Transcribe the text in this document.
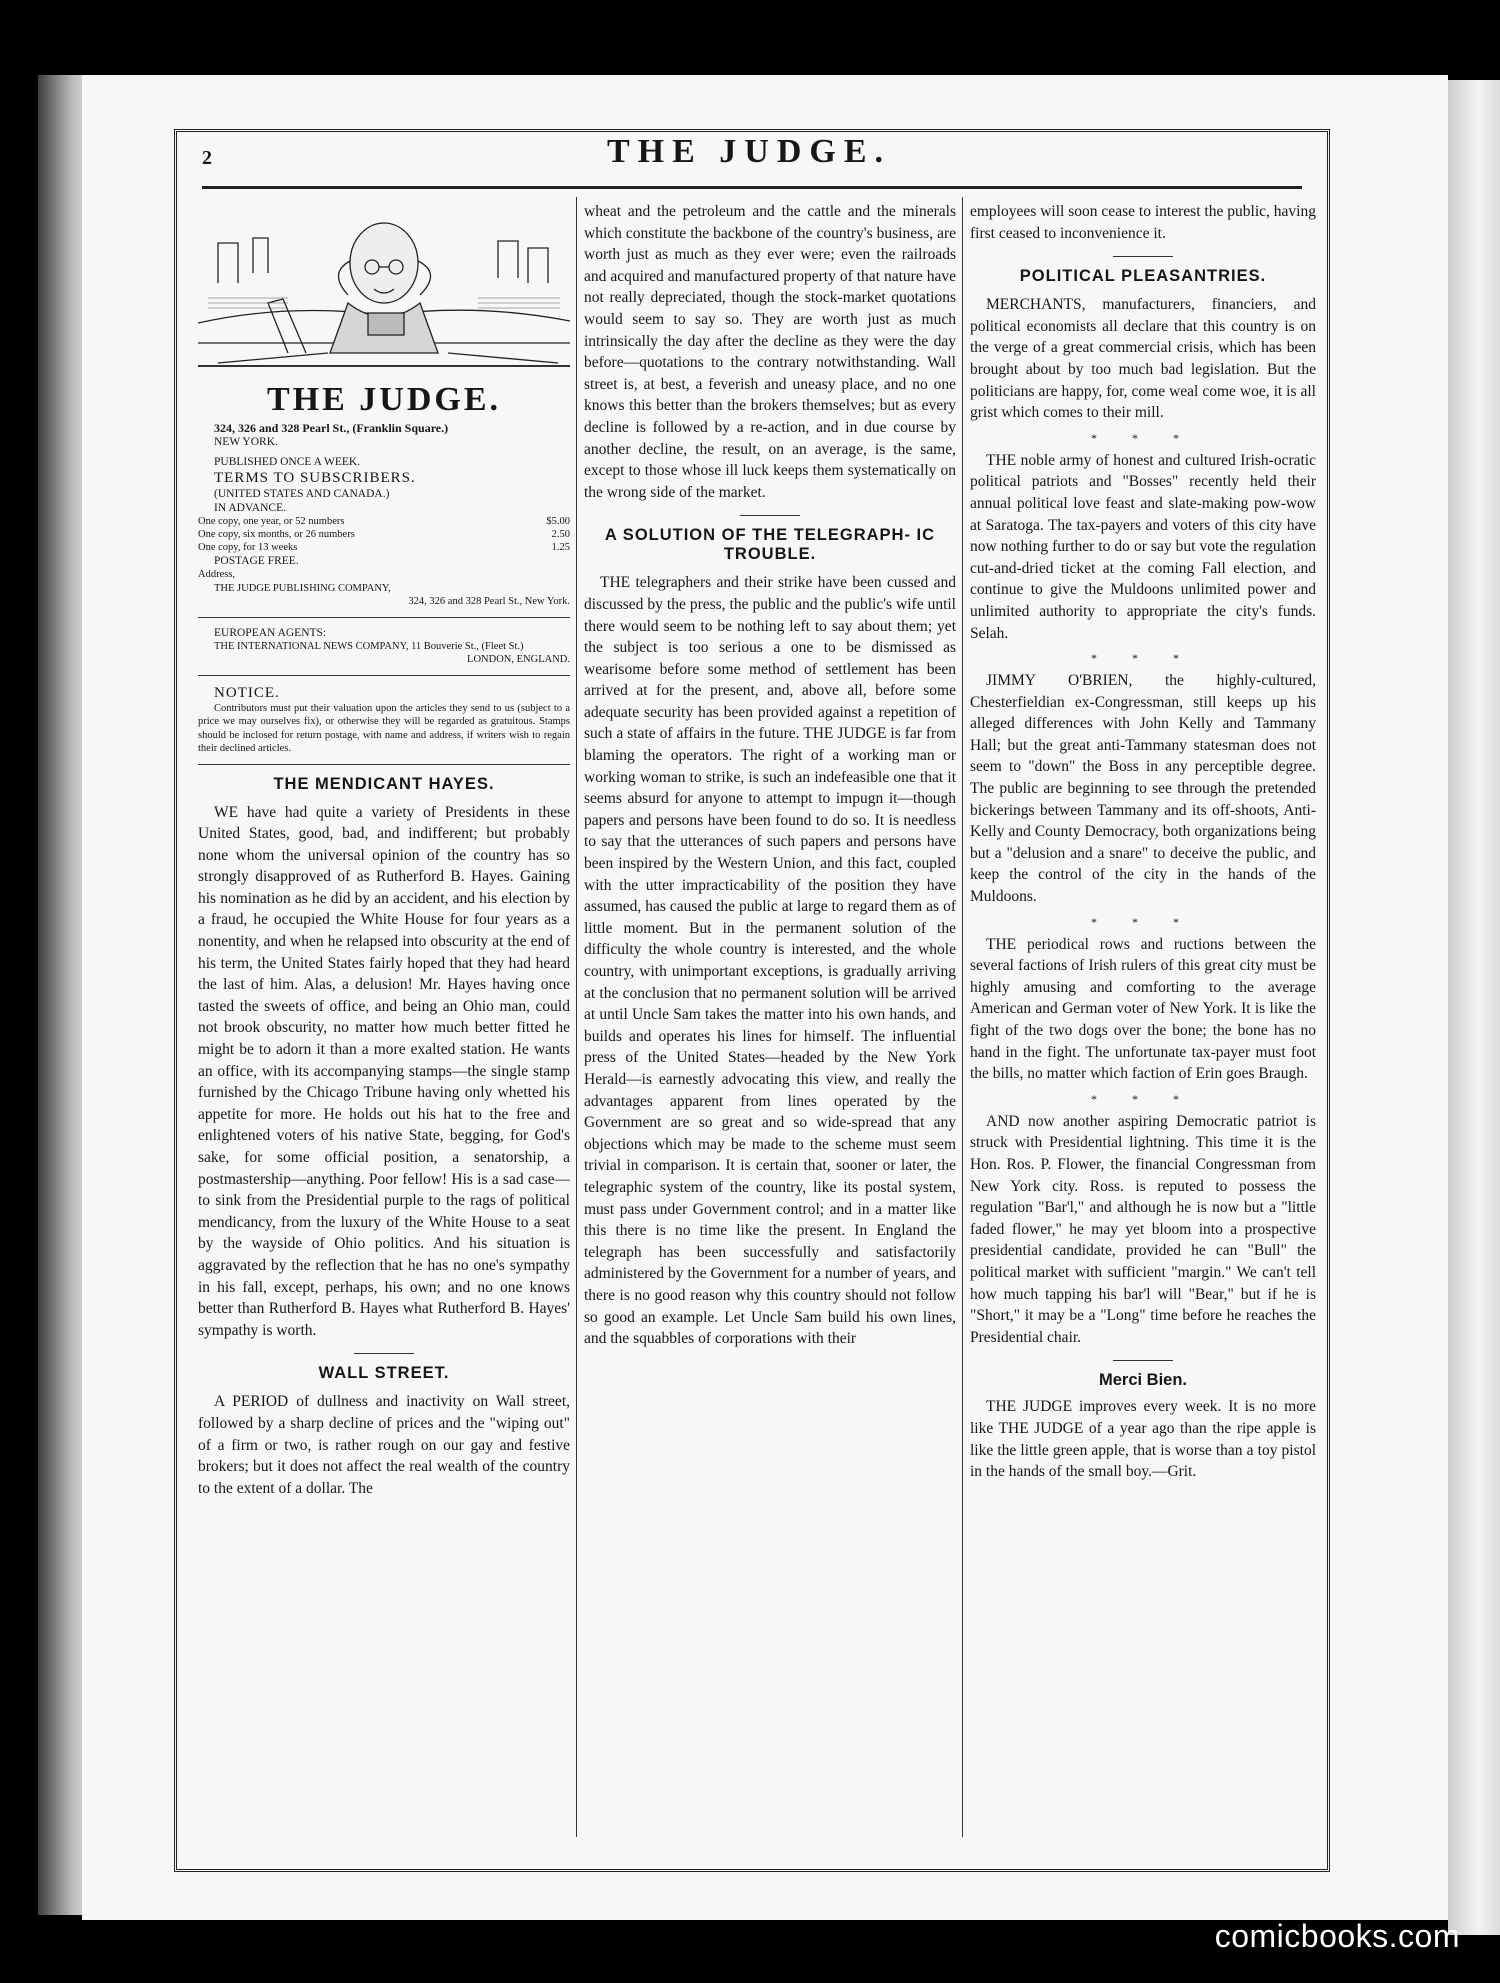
2	THE JUDGE.
THE JUDGE.

324, 326 and 328 Pearl St., (Franklin Square.)

NEW YORK.

PUBLISHED ONCE A WEEK.

TERMS TO SUBSCRIBERS.

(UNITED STATES AND CANADA.)

IN ADVANCE.

One copy, one year, or 52 numbers	$5.00
One copy, six months, or 26 numbers	2.50
One copy, for 13 weeks	1.25

POSTAGE FREE.

Address,

THE JUDGE PUBLISHING COMPANY,

324, 326 and 328 Pearl St., New York.

EUROPEAN AGENTS:

THE INTERNATIONAL NEWS COMPANY, 11 Bouverie St., (Fleet St.)

LONDON, ENGLAND.

NOTICE.

Contributors must put their valuation upon the articles they send to us (subject to a price we may ourselves fix), or otherwise they will be regarded as gratuitous. Stamps should be inclosed for return postage, with name and address, if writers wish to regain their declined articles.

THE MENDICANT HAYES.

WE have had quite a variety of Presidents in these United States, good, bad, and indifferent; but probably none whom the universal opinion of the country has so strongly disapproved of as Rutherford B. Hayes. Gaining his nomination as he did by an accident, and his election by a fraud, he occupied the White House for four years as a nonentity, and when he relapsed into obscurity at the end of his term, the United States fairly hoped that they had heard the last of him. Alas, a delusion! Mr. Hayes having once tasted the sweets of office, and being an Ohio man, could not brook obscurity, no matter how much better fitted he might be to adorn it than a more exalted station. He wants an office, with its accompanying stamps—the single stamp furnished by the Chicago Tribune having only whetted his appetite for more. He holds out his hat to the free and enlightened voters of his native State, begging, for God's sake, for some official position, a senatorship, a postmastership—anything. Poor fellow! His is a sad case—to sink from the Presidential purple to the rags of political mendicancy, from the luxury of the White House to a seat by the wayside of Ohio politics. And his situation is aggravated by the reflection that he has no one's sympathy in his fall, except, perhaps, his own; and no one knows better than Rutherford B. Hayes what Rutherford B. Hayes' sympathy is worth.

WALL STREET.

A PERIOD of dullness and inactivity on Wall street, followed by a sharp decline of prices and the "wiping out" of a firm or two, is rather rough on our gay and festive brokers; but it does not affect the real wealth of the country to the extent of a dollar. The

wheat and the petroleum and the cattle and the minerals which constitute the backbone of the country's business, are worth just as much as they ever were; even the railroads and acquired and manufactured property of that nature have not really depreciated, though the stock-market quotations would seem to say so. They are worth just as much intrinsically the day after the decline as they were the day before—quotations to the contrary notwithstanding. Wall street is, at best, a feverish and uneasy place, and no one knows this better than the brokers themselves; but as every decline is followed by a re-action, and in due course by another decline, the result, on an average, is the same, except to those whose ill luck keeps them systematically on the wrong side of the market.

A SOLUTION OF THE TELEGRAPH- IC TROUBLE.

THE telegraphers and their strike have been cussed and discussed by the press, the public and the public's wife until there would seem to be nothing left to say about them; yet the subject is too serious a one to be dismissed as wearisome before some method of settlement has been arrived at for the present, and, above all, before some adequate security has been provided against a repetition of such a state of affairs in the future. THE JUDGE is far from blaming the operators. The right of a working man or working woman to strike, is such an indefeasible one that it seems absurd for anyone to attempt to impugn it—though papers and persons have been found to do so. It is needless to say that the utterances of such papers and persons have been inspired by the Western Union, and this fact, coupled with the utter impracticability of the position they have assumed, has caused the public at large to regard them as of little moment. But in the permanent solution of the difficulty the whole country is interested, and the whole country, with unimportant exceptions, is gradually arriving at the conclusion that no permanent solution will be arrived at until Uncle Sam takes the matter into his own hands, and builds and operates his lines for himself. The influential press of the United States—headed by the New York Herald—is earnestly advocating this view, and really the advantages apparent from lines operated by the Government are so great and so wide-spread that any objections which may be made to the scheme must seem trivial in comparison. It is certain that, sooner or later, the telegraphic system of the country, like its postal system, must pass under Government control; and in a matter like this there is no time like the present. In England the telegraph has been successfully and satisfactorily administered by the Government for a number of years, and there is no good reason why this country should not follow so good an example. Let Uncle Sam build his own lines, and the squabbles of corporations with their

employees will soon cease to interest the public, having first ceased to inconvenience it.

POLITICAL PLEASANTRIES.

MERCHANTS, manufacturers, financiers, and political economists all declare that this country is on the verge of a great commercial crisis, which has been brought about by too much bad legislation. But the politicians are happy, for, come weal come woe, it is all grist which comes to their mill.

* * *

THE noble army of honest and cultured Irish-ocratic political patriots and "Bosses" recently held their annual political love feast and slate-making pow-wow at Saratoga. The tax-payers and voters of this city have now nothing further to do or say but vote the regulation cut-and-dried ticket at the coming Fall election, and continue to give the Muldoons unlimited power and unlimited authority to appropriate the city's funds. Selah.

* * *

JIMMY O'BRIEN, the highly-cultured, Chesterfieldian ex-Congressman, still keeps up his alleged differences with John Kelly and Tammany Hall; but the great anti-Tammany statesman does not seem to "down" the Boss in any perceptible degree. The public are beginning to see through the pretended bickerings between Tammany and its off-shoots, Anti-Kelly and County Democracy, both organizations being but a "delusion and a snare" to deceive the public, and keep the control of the city in the hands of the Muldoons.

* * *

THE periodical rows and ructions between the several factions of Irish rulers of this great city must be highly amusing and comforting to the average American and German voter of New York. It is like the fight of the two dogs over the bone; the bone has no hand in the fight. The unfortunate tax-payer must foot the bills, no matter which faction of Erin goes Braugh.

* * *

AND now another aspiring Democratic patriot is struck with Presidential lightning. This time it is the Hon. Ros. P. Flower, the financial Congressman from New York city. Ross. is reputed to possess the regulation "Bar'l," and although he is now but a "little faded flower," he may yet bloom into a prospective presidential candidate, provided he can "Bull" the political market with sufficient "margin." We can't tell how much tapping his bar'l will "Bear," but if he is "Short," it may be a "Long" time before he reaches the Presidential chair.

Merci Bien.

THE JUDGE improves every week. It is no more like THE JUDGE of a year ago than the ripe apple is like the little green apple, that is worse than a toy pistol in the hands of the small boy.—Grit.

comicbooks.com
